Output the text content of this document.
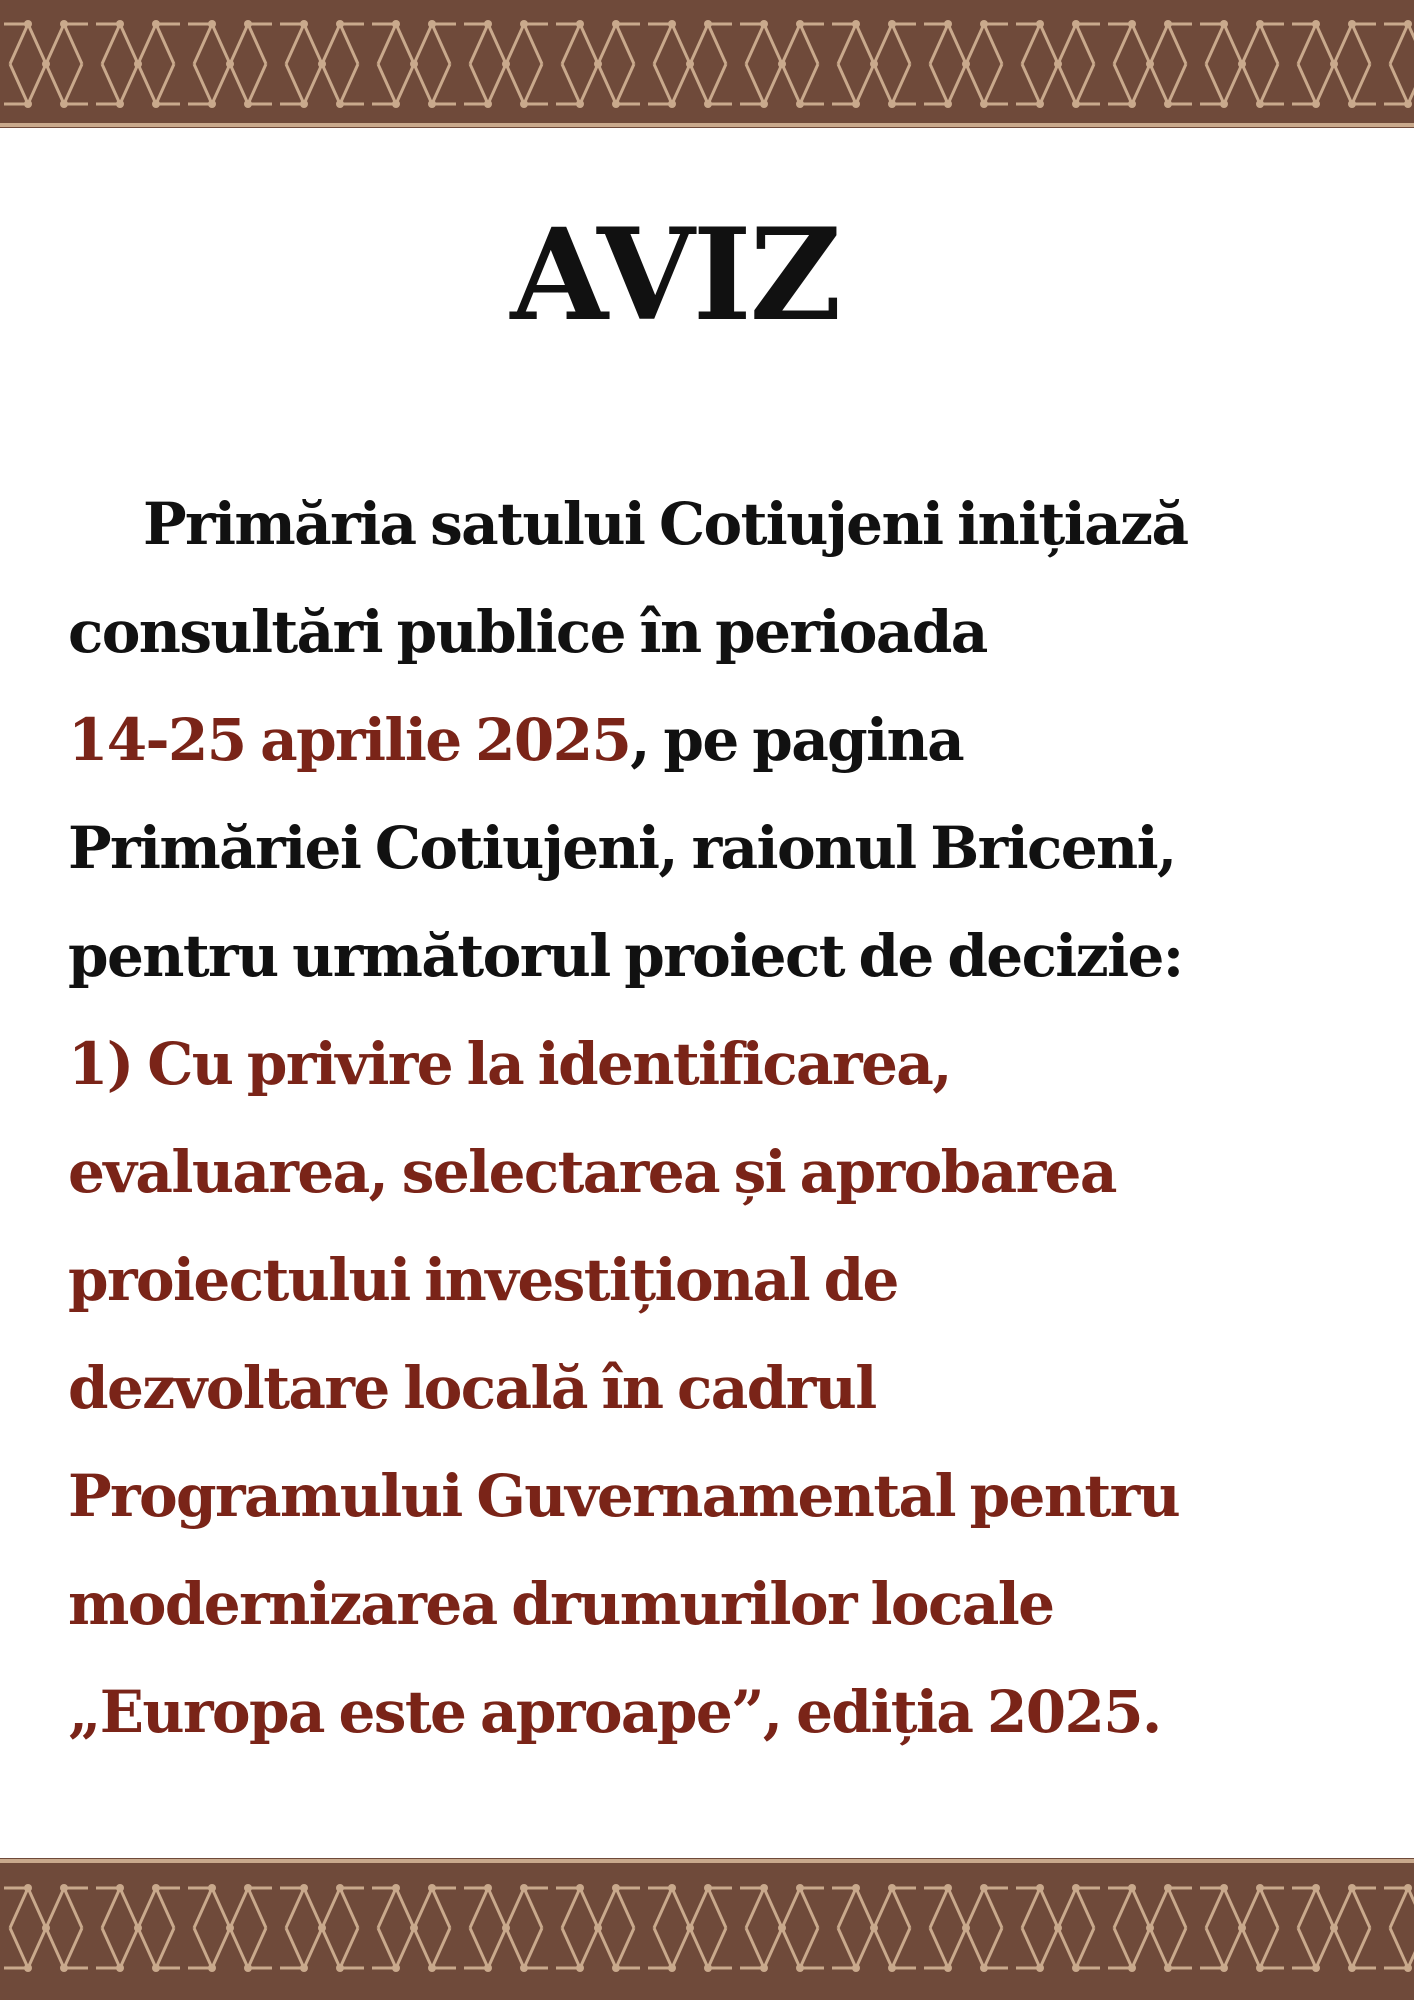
AVIZ
Primăria satului Cotiujeni inițiază
consultări publice în perioada
14-25 aprilie 2025, pe pagina
Primăriei Cotiujeni, raionul Briceni,
pentru următorul proiect de decizie:
1) Cu privire la identificarea,
evaluarea, selectarea și aprobarea
proiectului investițional de
dezvoltare locală în cadrul
Programului Guvernamental pentru
modernizarea drumurilor locale
„Europa este aproape”, ediția 2025.
